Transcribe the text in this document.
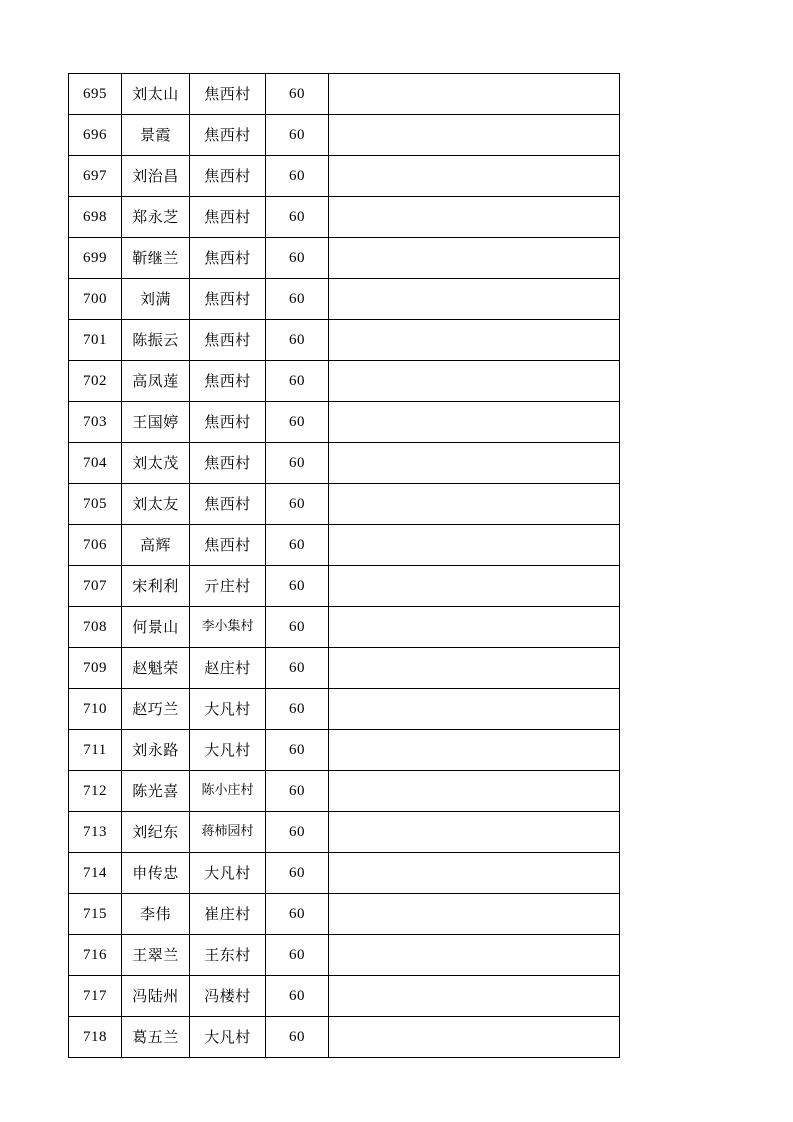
695	刘太山	焦西村	60	
696	景霞	焦西村	60	
697	刘治昌	焦西村	60	
698	郑永芝	焦西村	60	
699	靳继兰	焦西村	60	
700	刘满	焦西村	60	
701	陈振云	焦西村	60	
702	高凤莲	焦西村	60	
703	王国婷	焦西村	60	
704	刘太茂	焦西村	60	
705	刘太友	焦西村	60	
706	高辉	焦西村	60	
707	宋利利	亓庄村	60	
708	何景山	李小集村	60	
709	赵魁荣	赵庄村	60	
710	赵巧兰	大凡村	60	
711	刘永路	大凡村	60	
712	陈光喜	陈小庄村	60	
713	刘纪东	蒋柿园村	60	
714	申传忠	大凡村	60	
715	李伟	崔庄村	60	
716	王翠兰	王东村	60	
717	冯陆州	冯楼村	60	
718	葛五兰	大凡村	60	
